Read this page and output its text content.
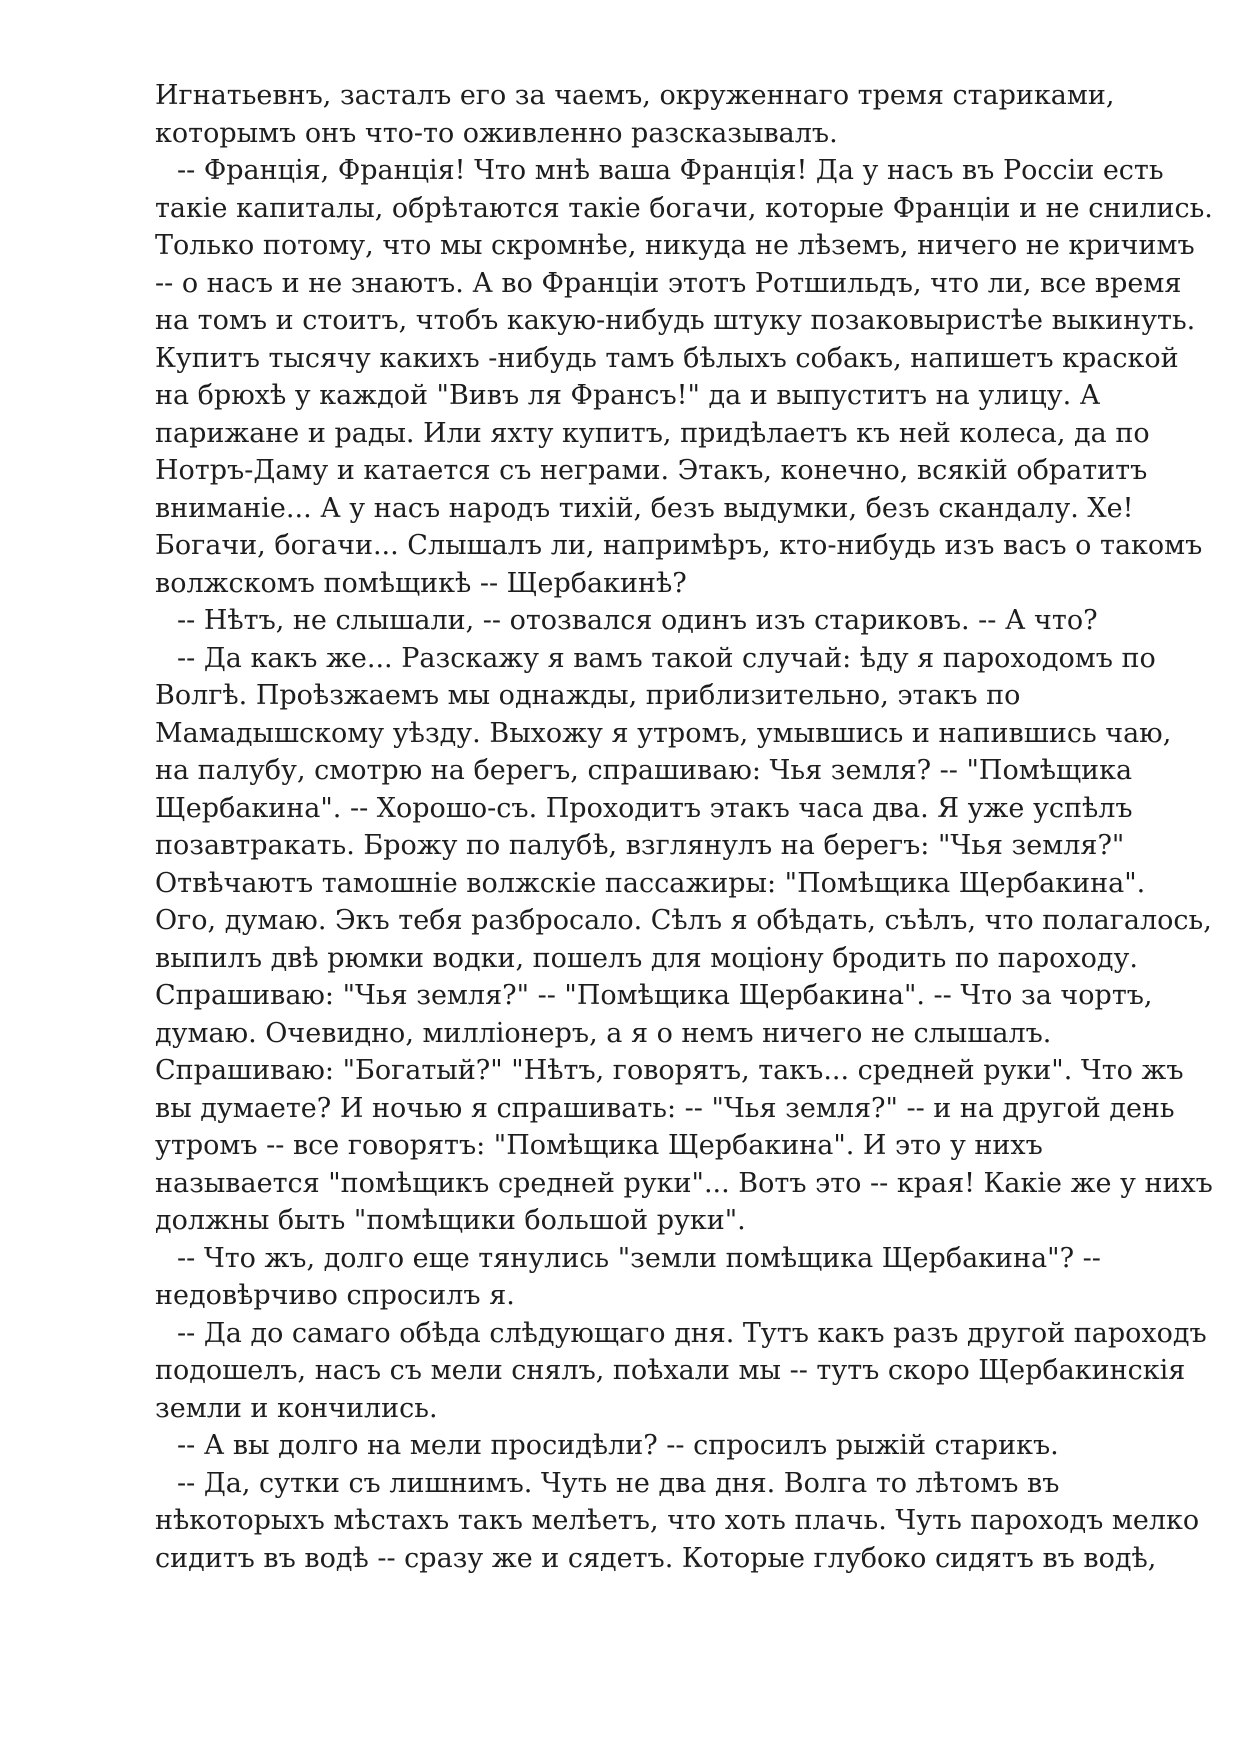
Игнатьевнъ, засталъ его за чаемъ, окруженнаго тремя стариками,
которымъ онъ что-то оживленно разсказывалъ.
-- Францiя, Францiя! Что мнѣ ваша Францiя! Да у насъ въ Россiи есть
такiе капиталы, обрѣтаются такiе богачи, которые Францiи и не снились.
Только потому, что мы скромнѣе, никуда не лѣземъ, ничего не кричимъ
-- о насъ и не знаютъ. А во Францiи этотъ Ротшильдъ, что ли, все время
на томъ и стоитъ, чтобъ какую-нибудь штуку позаковыристѣе выкинуть.
Купитъ тысячу какихъ -нибудь тамъ бѣлыхъ собакъ, напишетъ краской
на брюхѣ у каждой "Вивъ ля Франсъ!" да и выпуститъ на улицу. А
парижане и рады. Или яхту купитъ, придѣлаетъ къ ней колеса, да по
Нотръ-Даму и катается съ неграми. Этакъ, конечно, всякiй обратитъ
вниманiе... А у насъ народъ тихiй, безъ выдумки, безъ скандалу. Хе!
Богачи, богачи... Слышалъ ли, напримѣръ, кто-нибудь изъ васъ о такомъ
волжскомъ помѣщикѣ -- Щербакинѣ?
-- Нѣтъ, не слышали, -- отозвался одинъ изъ стариковъ. -- А что?
-- Да какъ же... Разскажу я вамъ такой случай: ѣду я пароходомъ по
Волгѣ. Проѣзжаемъ мы однажды, приблизительно, этакъ по
Мамадышскому уѣзду. Выхожу я утромъ, умывшись и напившись чаю,
на палубу, смотрю на берегъ, спрашиваю: Чья земля? -- "Помѣщика
Щербакина". -- Хорошо-съ. Проходитъ этакъ часа два. Я уже успѣлъ
позавтракать. Брожу по палубѣ, взглянулъ на берегъ: "Чья земля?"
Отвѣчаютъ тамошнiе волжскiе пассажиры: "Помѣщика Щербакина".
Ого, думаю. Экъ тебя разбросало. Сѣлъ я обѣдать, съѣлъ, что полагалось,
выпилъ двѣ рюмки водки, пошелъ для моцiону бродить по пароходу.
Спрашиваю: "Чья земля?" -- "Помѣщика Щербакина". -- Что за чортъ,
думаю. Очевидно, миллiонеръ, а я о немъ ничего не слышалъ.
Спрашиваю: "Богатый?" "Нѣтъ, говорятъ, такъ... средней руки". Что жъ
вы думаете? И ночью я спрашивать: -- "Чья земля?" -- и на другой день
утромъ -- все говорятъ: "Помѣщика Щербакина". И это у нихъ
называется "помѣщикъ средней руки"... Вотъ это -- края! Какiе же у нихъ
должны быть "помѣщики большой руки".
-- Что жъ, долго еще тянулись "земли помѣщика Щербакина"? --
недовѣрчиво спросилъ я.
-- Да до самаго обѣда слѣдующаго дня. Тутъ какъ разъ другой пароходъ
подошелъ, насъ съ мели снялъ, поѣхали мы -- тутъ скоро Щербакинскiя
земли и кончились.
-- А вы долго на мели просидѣли? -- спросилъ рыжiй старикъ.
-- Да, сутки съ лишнимъ. Чуть не два дня. Волга то лѣтомъ въ
нѣкоторыхъ мѣстахъ такъ мелѣетъ, что хоть плачь. Чуть пароходъ мелко
сидитъ въ водѣ -- сразу же и сядетъ. Которые глубоко сидятъ въ водѣ,
